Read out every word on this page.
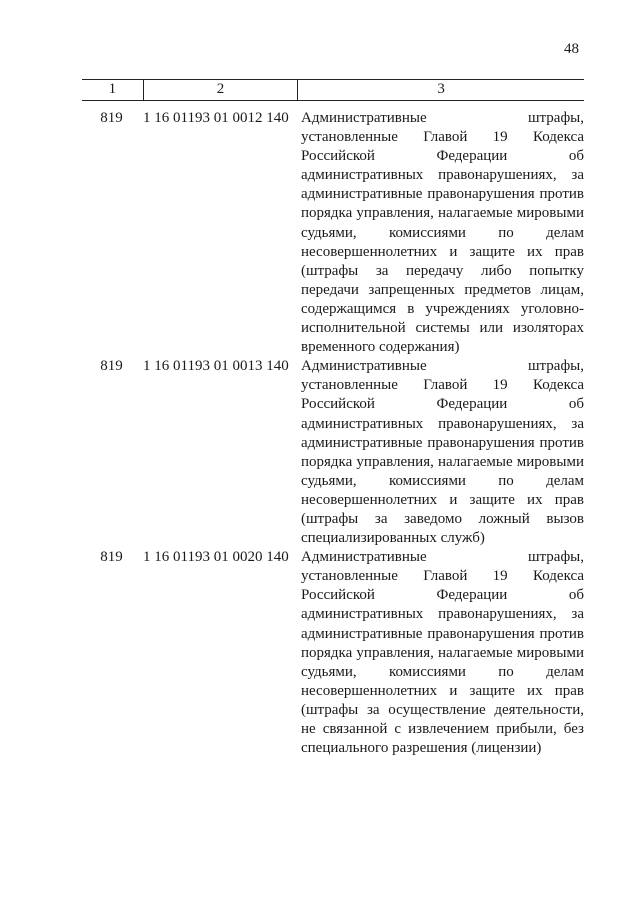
48
1	2	3
819	1 16 01193 01 0012 140 Административные штрафы, установленные Главой 19 Кодекса Российской Федерации об административных правонарушениях, за административные правонарушения против порядка управления, налагаемые мировыми судьями, комиссиями по делам несовершеннолетних и защите их прав (штрафы за передачу либо попытку передачи запрещенных предметов лицам, содержащимся в учреждениях уголовно-исполнительной системы или изоляторах временного содержания)
819	1 16 01193 01 0013 140 Административные штрафы, установленные Главой 19 Кодекса Российской Федерации об административных правонарушениях, за административные правонарушения против порядка управления, налагаемые мировыми судьями, комиссиями по делам несовершеннолетних и защите их прав (штрафы за заведомо ложный вызов специализированных служб)
819	1 16 01193 01 0020 140 Административные штрафы, установленные Главой 19 Кодекса Российской Федерации об административных правонарушениях, за административные правонарушения против порядка управления, налагаемые мировыми судьями, комиссиями по делам несовершеннолетних и защите их прав (штрафы за осуществление деятельности, не связанной с извлечением прибыли, без специального разрешения (лицензии)
